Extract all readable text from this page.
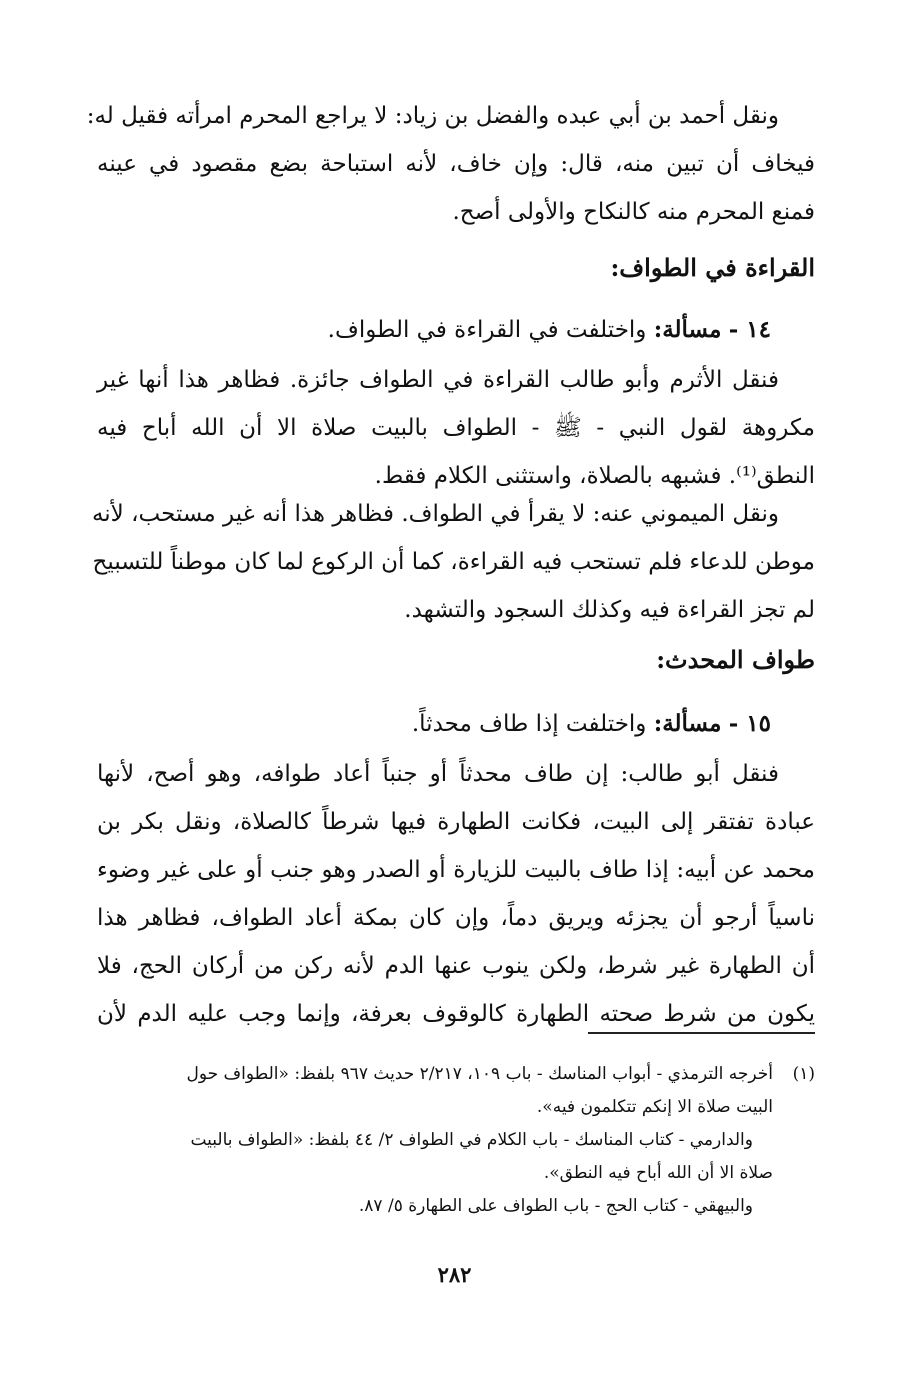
ونقل أحمد بن أبي عبده والفضل بن زياد: لا يراجع المحرم امرأته فقيل له:
فيخاف أن تبين منه، قال: وإن خاف، لأنه استباحة بضع مقصود في عينه
فمنع المحرم منه كالنكاح والأولى أصح.
القراءة في الطواف:
١٤ - مسألة: واختلفت في القراءة في الطواف.
فنقل الأثرم وأبو طالب القراءة في الطواف جائزة. فظاهر هذا أنها غير
مكروهة لقول النبي - ﷺ - الطواف بالبيت صلاة الا أن الله أباح فيه
النطق⁽¹⁾. فشبهه بالصلاة، واستثنى الكلام فقط.
ونقل الميموني عنه: لا يقرأ في الطواف. فظاهر هذا أنه غير مستحب، لأنه
موطن للدعاء فلم تستحب فيه القراءة، كما أن الركوع لما كان موطناً للتسبيح
لم تجز القراءة فيه وكذلك السجود والتشهد.
طواف المحدث:
١٥ - مسألة: واختلفت إذا طاف محدثاً.
فنقل أبو طالب: إن طاف محدثاً أو جنباً أعاد طوافه، وهو أصح، لأنها
عبادة تفتقر إلى البيت، فكانت الطهارة فيها شرطاً كالصلاة، ونقل بكر بن
محمد عن أبيه: إذا طاف بالبيت للزيارة أو الصدر وهو جنب أو على غير وضوء
ناسياً أرجو أن يجزئه ويريق دماً، وإن كان بمكة أعاد الطواف، فظاهر هذا
أن الطهارة غير شرط، ولكن ينوب عنها الدم لأنه ركن من أركان الحج، فلا
يكون من شرط صحته الطهارة كالوقوف بعرفة، وإنما وجب عليه الدم لأن
(١)
أخرجه الترمذي - أبواب المناسك - باب ١٠٩، ٢/٢١٧ حديث ٩٦٧ بلفظ: «الطواف حول
البيت صلاة الا إنكم تتكلمون فيه».
والدارمي - كتاب المناسك - باب الكلام في الطواف ٢/ ٤٤ بلفظ: «الطواف بالبيت
صلاة الا أن الله أباح فيه النطق».
والبيهقي - كتاب الحج - باب الطواف على الطهارة ٥/ ٨٧.
٢٨٢
